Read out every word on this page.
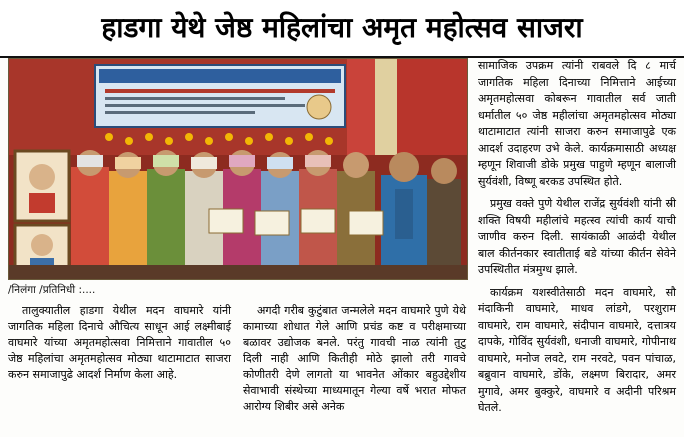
हाडगा येथे जेष्ठ महिलांचा अमृत महोत्सव साजरा
/निलंगा /प्रतिनिधी :....
तालुक्यातील हाडगा येथील मदन वाघमारे यांनी जागतिक महिला दिनाचे औचित्य साधून आई लक्ष्मीबाई वाघमारे यांच्या अमृतमहोत्सवा निमित्ताने गावातील ५० जेष्ठ महिलांचा अमृतमहोत्सव मोठ्या थाटामाटात साजरा करुन समाजापुढे आदर्श निर्माण केला आहे.
अगदी गरीब कुटुंबात जन्मलेले मदन वाघमारे पुणे येथे कामाच्या शोधात गेले आणि प्रचंड कष्ट व परीक्षमाच्या बळावर उद्योजक बनले. परंतु गावची नाळ त्यांनी तुटु दिली नाही आणि कितीही मोठे झालो तरी गावचे कोणीतरी देणे लागतो या भावनेत ओंकार बहुउद्देशीय सेवाभावी संस्थेच्या माध्यमातून गेल्या वर्षे भरात मोफत आरोग्य शिबीर असे अनेक

सामाजिक उपक्रम त्यांनी राबवले दि ८ मार्च जागतिक महिला दिनाच्या निमित्ताने आईच्या अमृतमहोत्सवा कोबरून गावातील सर्व जाती धर्मातील ५० जेष्ठ महीलांचा अमृतमहोत्सव मोठ्या थाटामाटात त्यांनी साजरा करुन समाजापुढे एक आदर्श उदाहरण उभे केले. कार्यक्रमासाठी अध्यक्ष म्हणून शिवाजी डोके प्रमुख पाहुणे म्हणून बालाजी सुर्यवंशी, विष्णू बरकड उपस्थित होते.

प्रमुख वक्ते पुणे येथील राजेंद्र सुर्यवंशी यांनी स्री शक्ति विषयी महीलांचे महत्स्व त्यांची कार्य याची जाणीव करुन दिली. सायंकाळी आळंदी येथील बाल कीर्तनकार स्वातीताई बडे यांच्या कीर्तन सेवेने उपस्थितीत मंत्रमुग्ध झाले.

कार्यक्रम यशस्वीतेसाठी मदन वाघमारे, सौ मंदाकिनी वाघमारे, माधव लांडगे, परशुराम वाघमारे, राम वाघमारे, संदीपान वाघमारे, दत्तात्रय दापके, गोविंद सुर्यवंशी, धनाजी वाघमारे, गोपीनाथ वाघमारे, मनोज लवटे, राम नरवटे, पवन पांचाळ, बब्रुवान वाघमारे, डोंके, लक्ष्मण बिरादार, अमर मुगावे, अमर बुक्कुरे, वाघमारे व अदीनी परिश्रम घेतले.
